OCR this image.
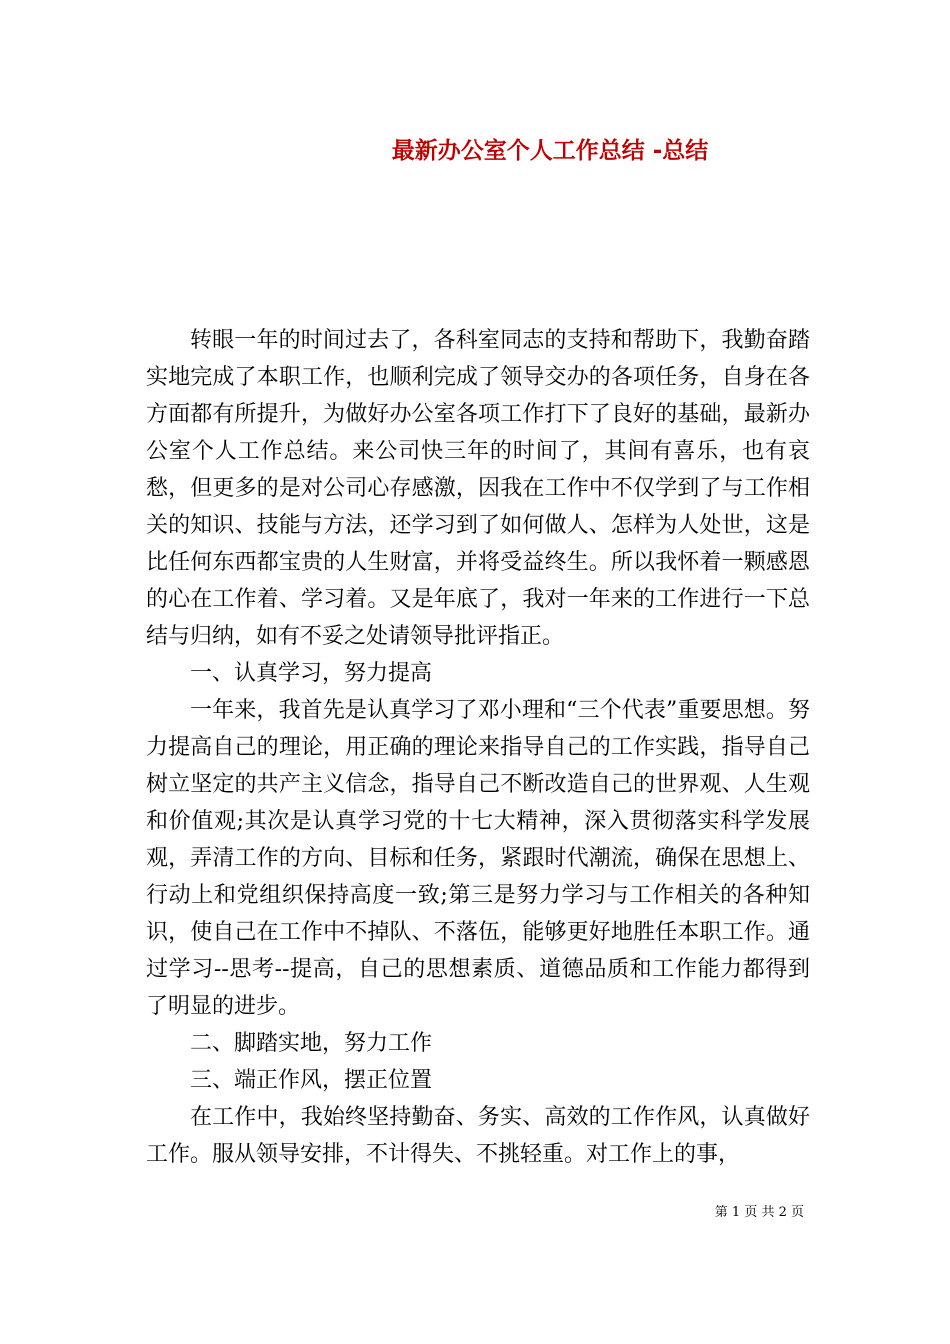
最新办公室个人工作总结 -总结

转眼一年的时间过去了，各科室同志的支持和帮助下，我勤奋踏实地完成了本职工作，也顺利完成了领导交办的各项任务，自身在各方面都有所提升，为做好办公室各项工作打下了良好的基础，最新办公室个人工作总结。来公司快三年的时间了，其间有喜乐，也有哀愁，但更多的是对公司心存感激，因我在工作中不仅学到了与工作相关的知识、技能与方法，还学习到了如何做人、怎样为人处世，这是比任何东西都宝贵的人生财富，并将受益终生。所以我怀着一颗感恩的心在工作着、学习着。又是年底了，我对一年来的工作进行一下总结与归纳，如有不妥之处请领导批评指正。

一、认真学习，努力提高

一年来，我首先是认真学习了邓小理和“三个代表”重要思想。努力提高自己的理论，用正确的理论来指导自己的工作实践，指导自己树立坚定的共产主义信念，指导自己不断改造自己的世界观、人生观和价值观;其次是认真学习党的十七大精神，深入贯彻落实科学发展观，弄清工作的方向、目标和任务，紧跟时代潮流，确保在思想上、行动上和党组织保持高度一致;第三是努力学习与工作相关的各种知识，使自己在工作中不掉队、不落伍，能够更好地胜任本职工作。通过学习--思考--提高，自己的思想素质、道德品质和工作能力都得到了明显的进步。

二、脚踏实地，努力工作

三、端正作风，摆正位置

在工作中，我始终坚持勤奋、务实、高效的工作作风，认真做好工作。服从领导安排，不计得失、不挑轻重。对工作上的事，

第 1 页 共 2 页
